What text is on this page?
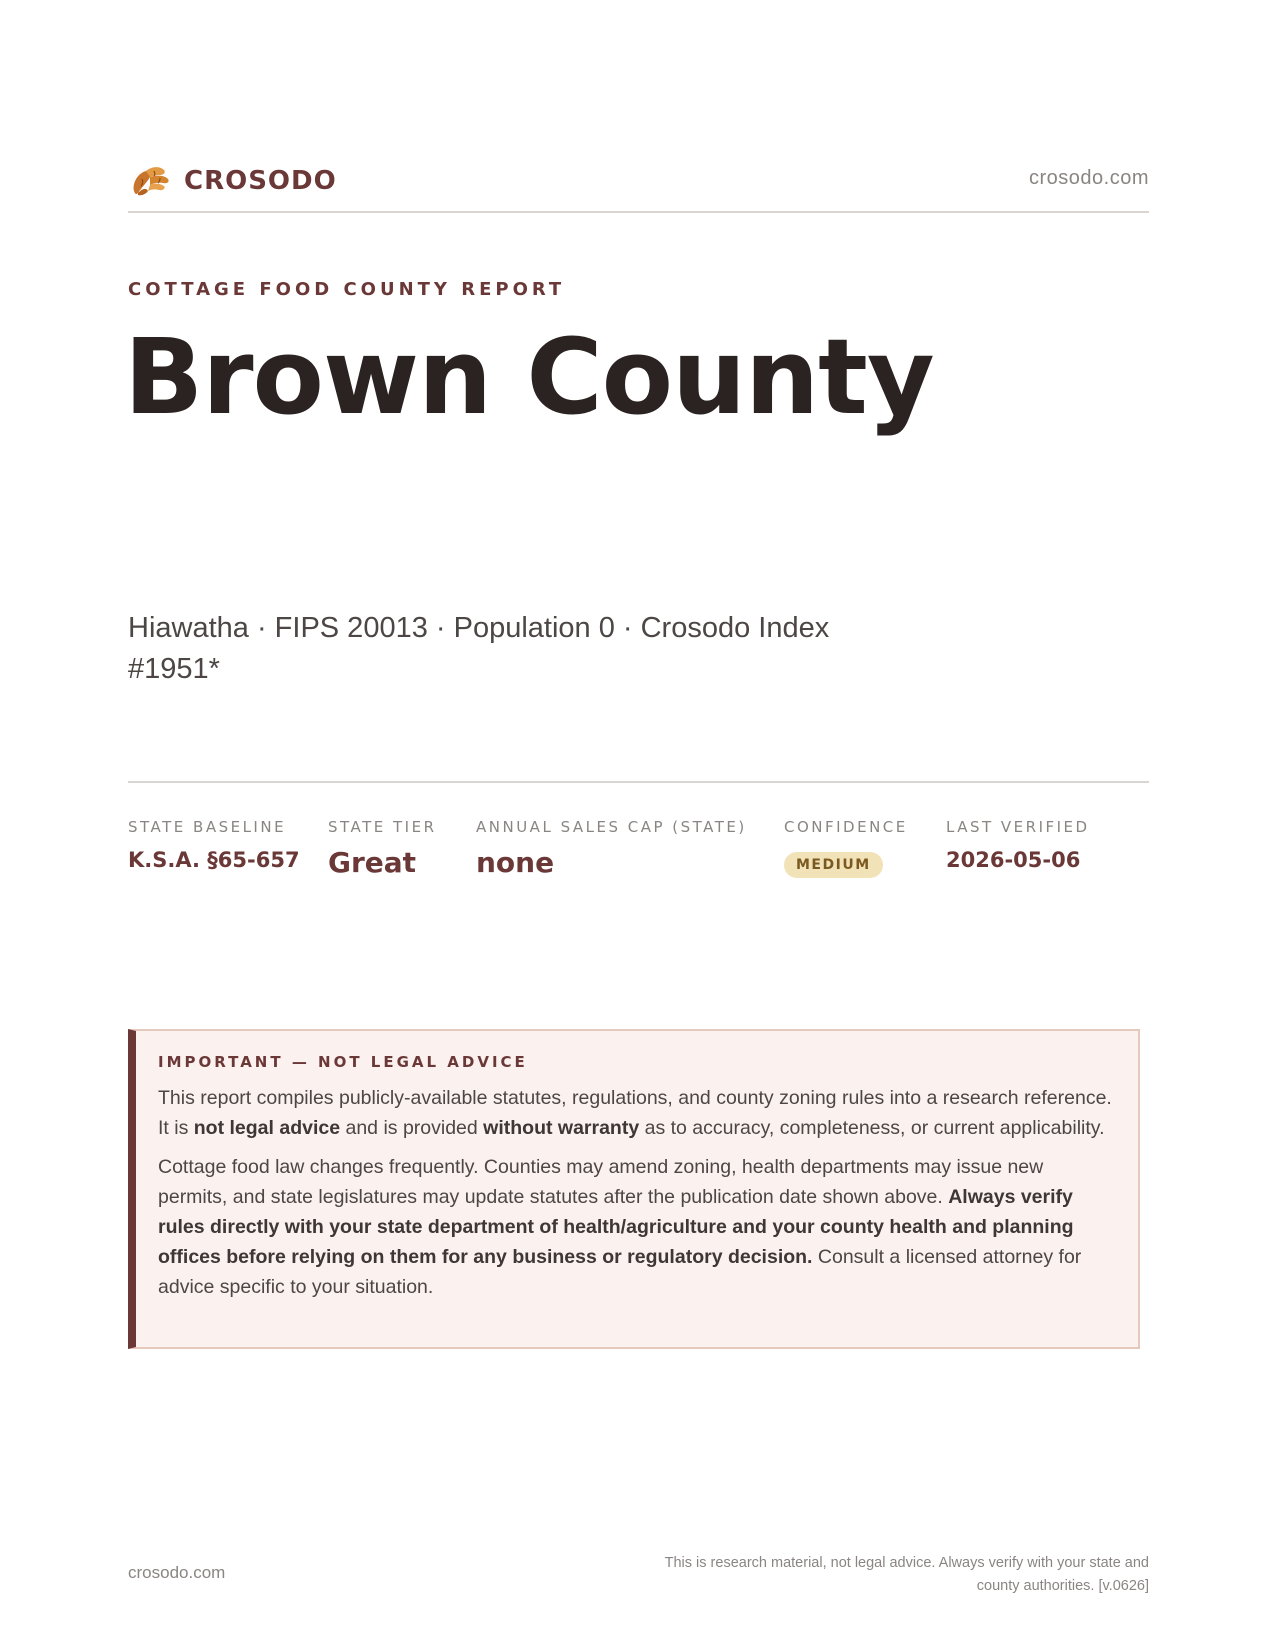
CROSODO	crosodo.com
COTTAGE FOOD COUNTY REPORT
Brown County
Hiawatha · FIPS 20013 · Population 0 · Crosodo Index #1951*
STATE BASELINE
K.S.A. §65-657
STATE TIER
Great
ANNUAL SALES CAP (STATE)
none
CONFIDENCE
MEDIUM
LAST VERIFIED
2026-05-06
IMPORTANT — NOT LEGAL ADVICE

This report compiles publicly-available statutes, regulations, and county zoning rules into a research reference. It is not legal advice and is provided without warranty as to accuracy, completeness, or current applicability.

Cottage food law changes frequently. Counties may amend zoning, health departments may issue new permits, and state legislatures may update statutes after the publication date shown above. Always verify rules directly with your state department of health/agriculture and your county health and planning offices before relying on them for any business or regulatory decision. Consult a licensed attorney for advice specific to your situation.

crosodo.com	This is research material, not legal advice. Always verify with your state and county authorities. [v.0626]
